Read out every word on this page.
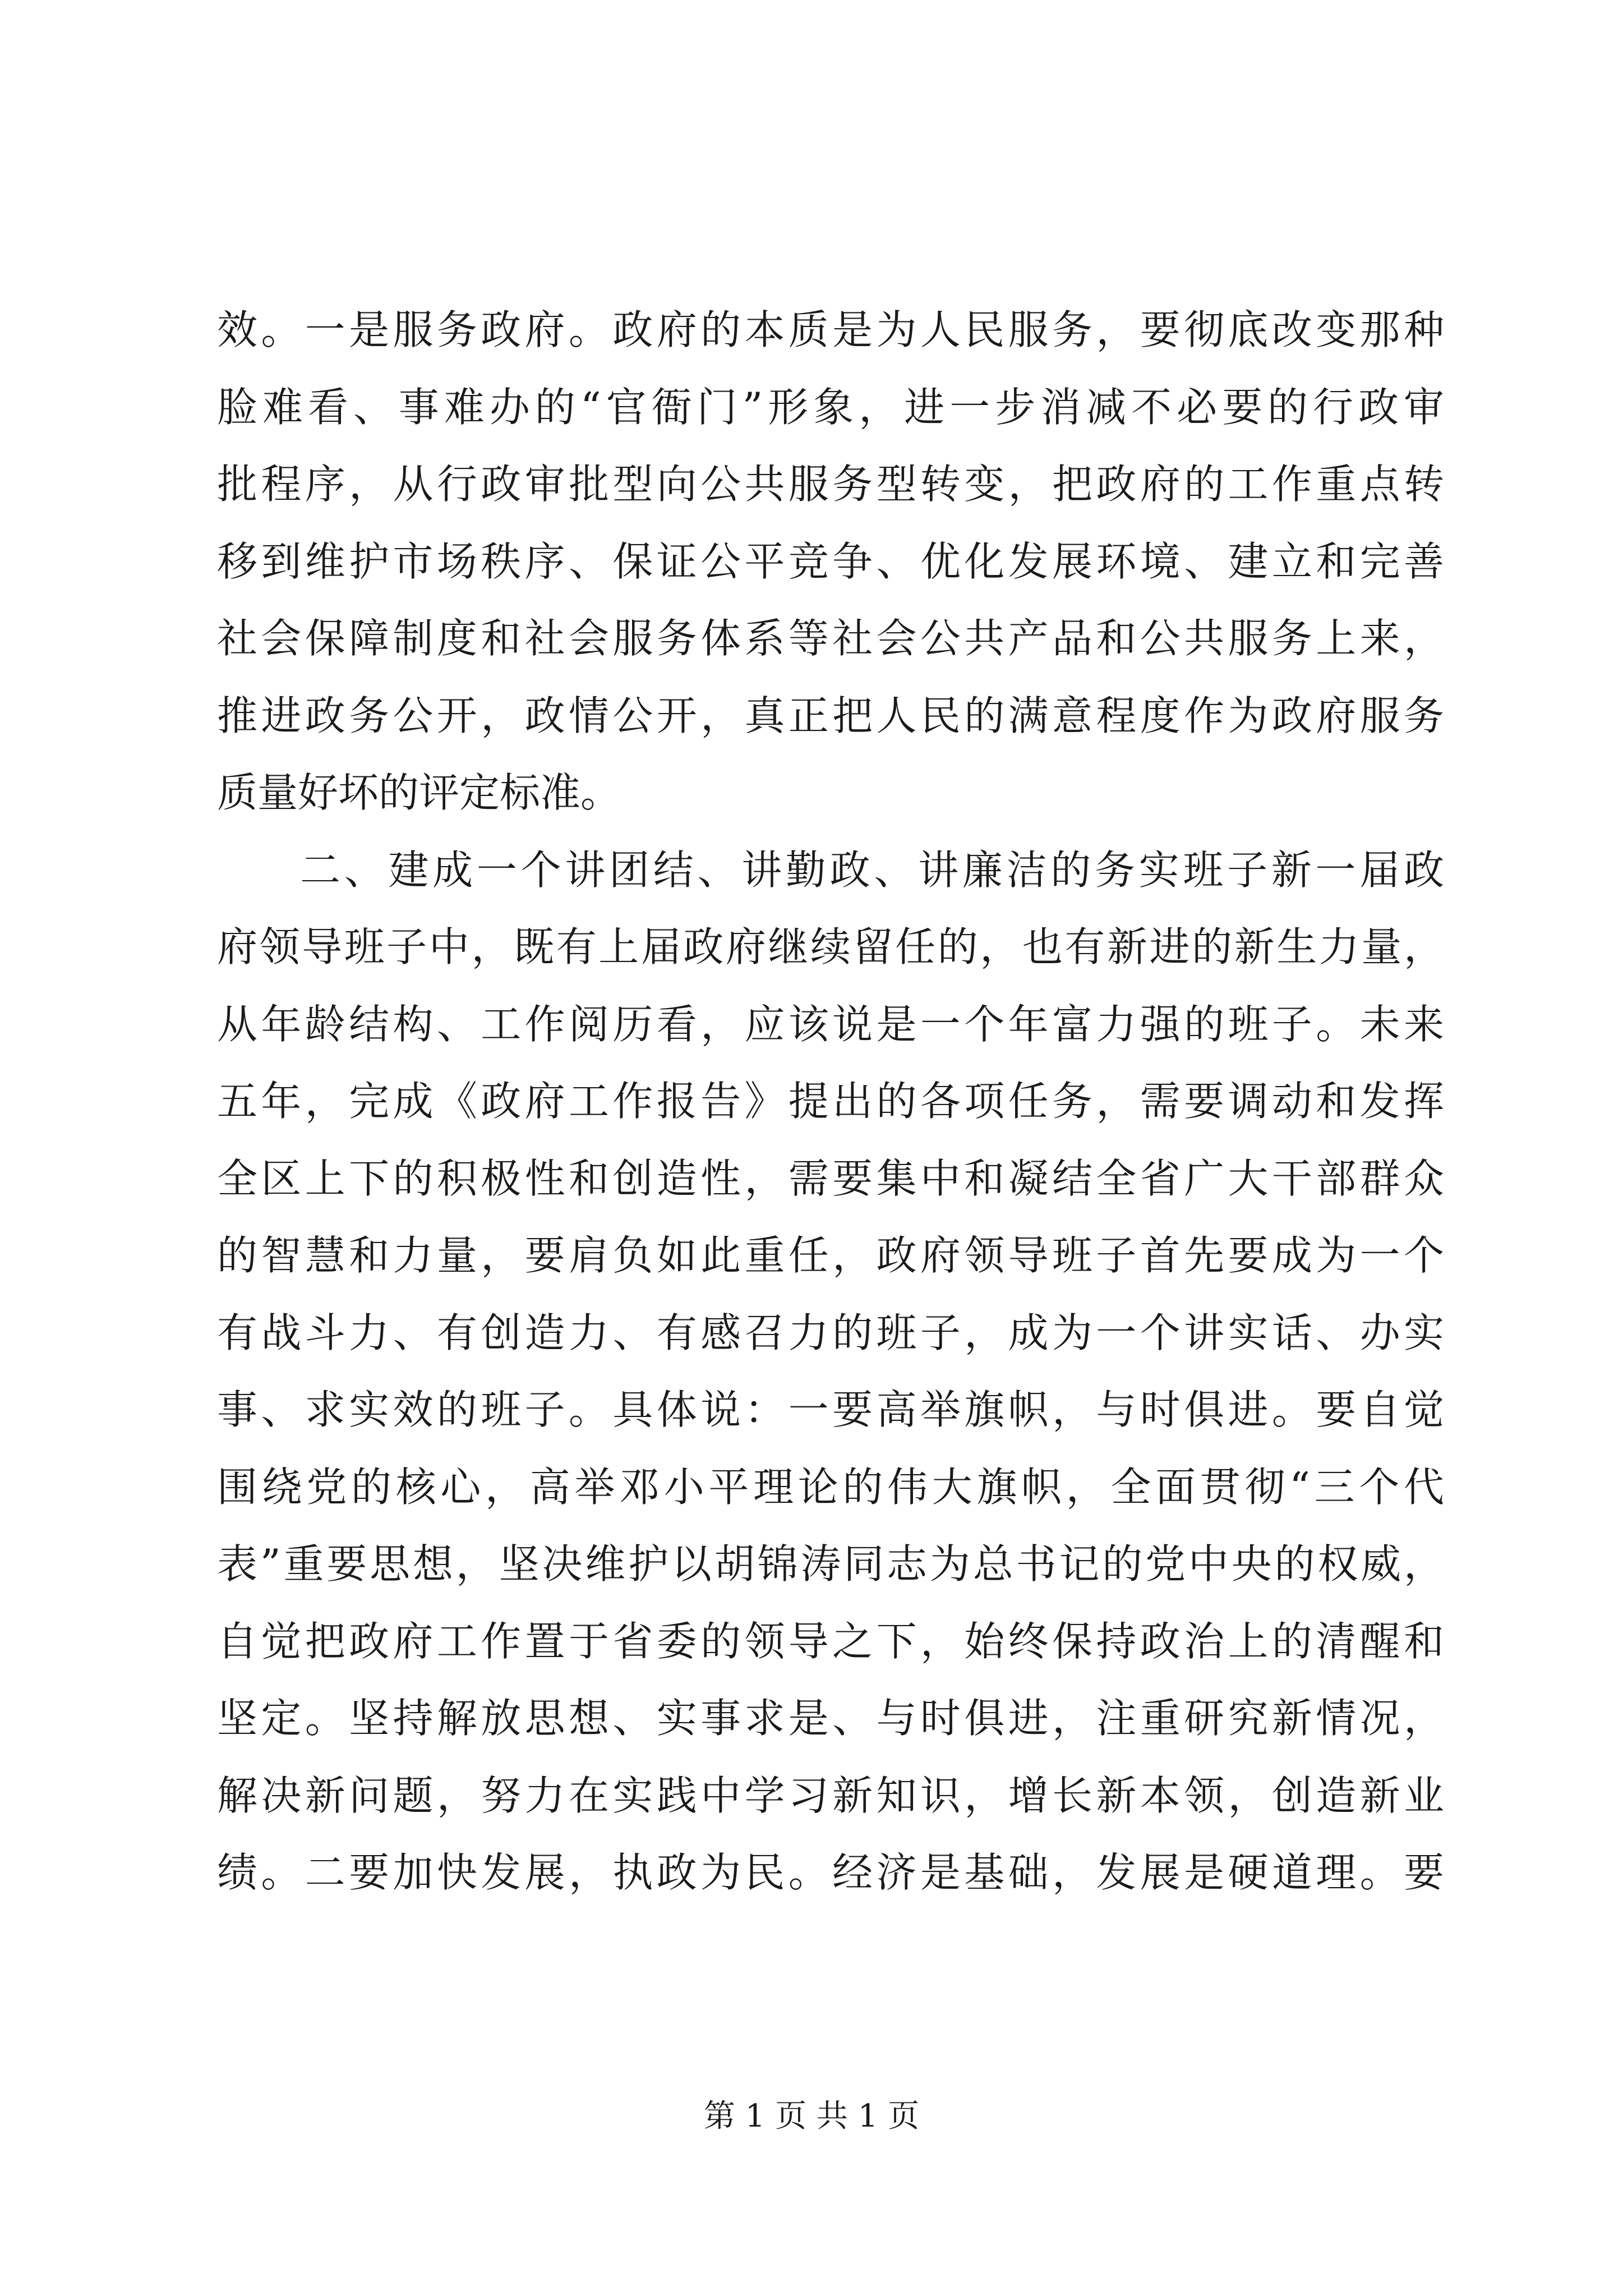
效。一是服务政府。政府的本质是为人民服务，要彻底改变那种
脸难看、事难办的“官衙门”形象，进一步消减不必要的行政审
批程序，从行政审批型向公共服务型转变，把政府的工作重点转
移到维护市场秩序、保证公平竞争、优化发展环境、建立和完善
社会保障制度和社会服务体系等社会公共产品和公共服务上来，
推进政务公开，政情公开，真正把人民的满意程度作为政府服务
质量好坏的评定标准。
二、建成一个讲团结、讲勤政、讲廉洁的务实班子新一届政
府领导班子中，既有上届政府继续留任的，也有新进的新生力量，
从年龄结构、工作阅历看，应该说是一个年富力强的班子。未来
五年，完成《政府工作报告》提出的各项任务，需要调动和发挥
全区上下的积极性和创造性，需要集中和凝结全省广大干部群众
的智慧和力量，要肩负如此重任，政府领导班子首先要成为一个
有战斗力、有创造力、有感召力的班子，成为一个讲实话、办实
事、求实效的班子。具体说：一要高举旗帜，与时俱进。要自觉
围绕党的核心，高举邓小平理论的伟大旗帜，全面贯彻“三个代
表”重要思想，坚决维护以胡锦涛同志为总书记的党中央的权威，
自觉把政府工作置于省委的领导之下，始终保持政治上的清醒和
坚定。坚持解放思想、实事求是、与时俱进，注重研究新情况，
解决新问题，努力在实践中学习新知识，增长新本领，创造新业
绩。二要加快发展，执政为民。经济是基础，发展是硬道理。要
第 1 页 共 1 页
